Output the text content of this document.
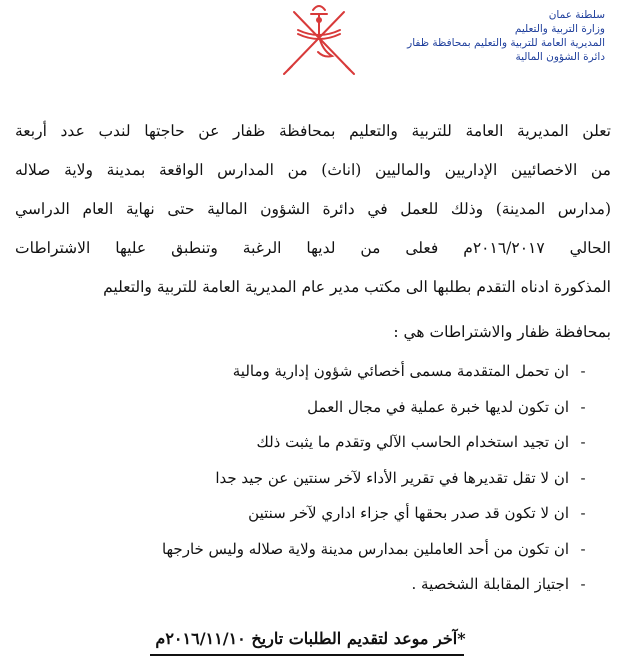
سلطنة عمان
وزارة التربية والتعليم
المديرية العامة للتربية والتعليم بمحافظة ظفار
دائرة الشؤون المالية
تعلن المديرية العامة للتربية والتعليم بمحافظة ظفار عن حاجتها لندب عدد أربعة
من الاخصائيين الإداريين والماليين (اناث) من المدارس الواقعة بمدينة ولاية صلاله
(مدارس المدينة) وذلك للعمل في دائرة الشؤون المالية حتى نهاية العام الدراسي
الحالي ٢٠١٦/٢٠١٧م فعلى من لديها الرغبة وتنطبق عليها الاشتراطات
المذكورة ادناه التقدم بطلبها الى مكتب مدير عام المديرية العامة للتربية والتعليم
بمحافظة ظفار والاشتراطات هي :
-ان تحمل المتقدمة مسمى أخصائي شؤون إدارية ومالية
-ان تكون لديها خبرة عملية في مجال العمل
-ان تجيد استخدام الحاسب الآلي وتقدم ما يثبت ذلك
-ان لا تقل تقديرها في تقرير الأداء لآخر سنتين عن جيد جدا
-ان لا تكون قد صدر بحقها أي جزاء اداري لآخر سنتين
-ان تكون من أحد العاملين بمدارس مدينة ولاية صلاله وليس خارجها
-اجتياز المقابلة الشخصية .
*آخر موعد لتقديم الطلبات تاريخ ٢٠١٦/١١/١٠م
